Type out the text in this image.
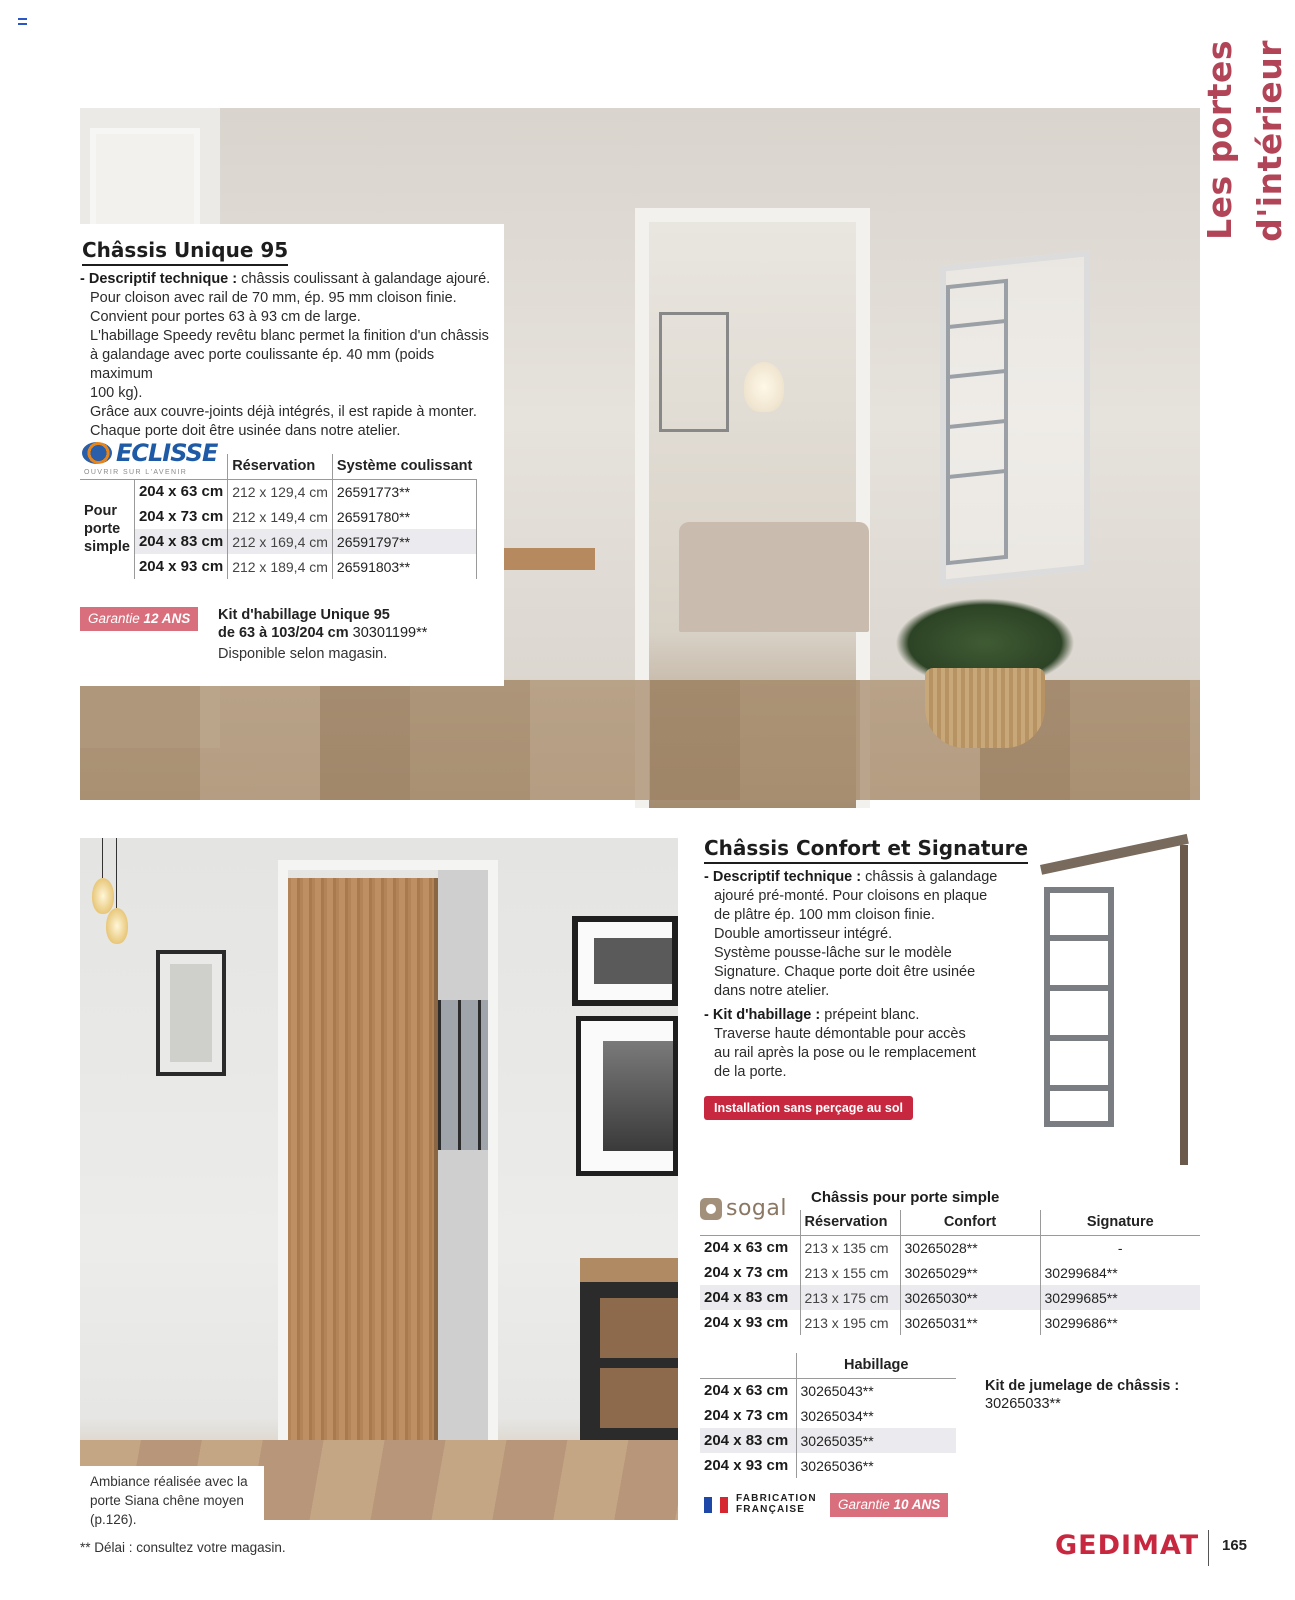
Les portes d'intérieur
Châssis Unique 95
- Descriptif technique : châssis coulissant à galandage ajouré.
Pour cloison avec rail de 70 mm, ép. 95 mm cloison finie.
Convient pour portes 63 à 93 cm de large.
L'habillage Speedy revêtu blanc permet la finition d'un châssis
à galandage avec porte coulissante ép. 40 mm (poids maximum
100 kg).
Grâce aux couvre-joints déjà intégrés, il est rapide à monter.
Chaque porte doit être usinée dans notre atelier.
ECLISSE
OUVRIR SUR L'AVENIR
			Réservation	Système coulissant

Pour
porte
simple	204 x 63 cm	212 x 129,4 cm	26591773**
	204 x 73 cm	212 x 149,4 cm	26591780**
	204 x 83 cm	212 x 169,4 cm	26591797**
	204 x 93 cm	212 x 189,4 cm	26591803**
Garantie 12 ANS	Kit d'habillage Unique 95
de 63 à 103/204 cm 30301199**
Disponible selon magasin.
Ambiance réalisée avec la porte Siana chêne moyen (p.126).
Châssis Confort et Signature
- Descriptif technique : châssis à galandage
ajouré pré-monté. Pour cloisons en plaque
de plâtre ép. 100 mm cloison finie.
Double amortisseur intégré.
Système pousse-lâche sur le modèle
Signature. Chaque porte doit être usinée
dans notre atelier.
- Kit d'habillage : prépeint blanc.
Traverse haute démontable pour accès
au rail après la pose ou le remplacement
de la porte.
Installation sans perçage au sol
sogal Châssis pour porte simple
	Réservation	Confort	Signature
204 x 63 cm	213 x 135 cm	30265028**	-
204 x 73 cm	213 x 155 cm	30265029**	30299684**
204 x 83 cm	213 x 175 cm	30265030**	30299685**
204 x 93 cm	213 x 195 cm	30265031**	30299686**
	Habillage
204 x 63 cm	30265043**
204 x 73 cm	30265034**
204 x 83 cm	30265035**
204 x 93 cm	30265036**
Kit de jumelage de châssis :
30265033**
FABRICATION
FRANÇAISE	Garantie 10 ANS
** Délai : consultez votre magasin.	GEDIMAT 165
